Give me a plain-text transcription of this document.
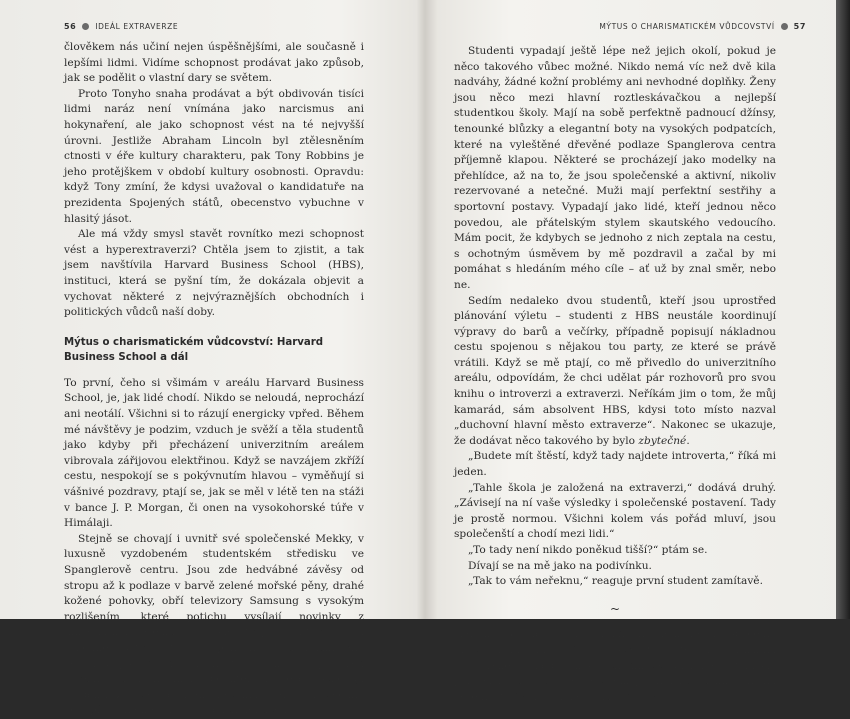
56	IDEÁL EXTRAVERZE

člověkem nás učiní nejen úspěšnějšími, ale současně i lepšími lidmi. Vidíme schopnost prodávat jako způsob, jak se podělit o vlastní dary se světem.

Proto Tonyho snaha prodávat a být obdivován tisíci lidmi naráz není vnímána jako narcismus ani hokynaření, ale jako schopnost vést na té nejvyšší úrovni. Jestliže Abraham Lincoln byl ztělesněním ctnosti v éře kultury charakteru, pak Tony Robbins je jeho protějškem v období kultury osobnosti. Opravdu: když Tony zmíní, že kdysi uvažoval o kandidatuře na prezidenta Spojených států, obecenstvo vybuchne v hlasitý jásot.

Ale má vždy smysl stavět rovnítko mezi schopnost vést a hyperextraverzi? Chtěla jsem to zjistit, a tak jsem navštívila Harvard Business School (HBS), instituci, která se pyšní tím, že dokázala objevit a vychovat některé z nejvýraznějších obchodních i politických vůdců naší doby.

Mýtus o charismatickém vůdcovství: Harvard Business School a dál

To první, čeho si všimám v areálu Harvard Business School, je, jak lidé chodí. Nikdo se neloudá, neprochází ani neotálí. Všichni si to rázují energicky vpřed. Během mé návštěvy je podzim, vzduch je svěží a těla studentů jako kdyby při přecházení univerzitním areálem vibrovala zářijovou elektřinou. Když se navzájem zkříží cestu, nespokojí se s pokývnutím hlavou – vyměňují si vášnivé pozdravy, ptají se, jak se měl v létě ten na stáži v bance J. P. Morgan, či onen na vysokohorské túře v Himálaji.

Stejně se chovají i uvnitř své společenské Mekky, v luxusně vyzdobeném studentském středisku ve Spanglerově centru. Jsou zde hedvábné závěsy od stropu až k podlaze v barvě zelené mořské pěny, drahé kožené pohovky, obří televizory Samsung s vysokým rozlišením, které potichu vysílají novinky z univerzitního areálu, a vysoké stropy, ze kterých visí výkonné lustry. Stoly a pohovky jsou rozmístěné většinou po obvodu místnosti, a tak je uprostřed výrazně nasvícené molo, po kterém svěže pochodují studenti. Zdá se, že si ani nevšímají, jak jsou všechny oči upřeny na ně. Obdivují jejich nenucenost.

MÝTUS O CHARISMATICKÉM VŮDCOVSTVÍ 57

Studenti vypadají ještě lépe než jejich okolí, pokud je něco takového vůbec možné. Nikdo nemá víc než dvě kila nadváhy, žádné kožní problémy ani nevhodné doplňky. Ženy jsou něco mezi hlavní roztleskávačkou a nejlepší studentkou školy. Mají na sobě perfektně padnoucí džínsy, tenounké blůzky a elegantní boty na vysokých podpatcích, které na vyleštěné dřevěné podlaze Spanglerova centra příjemně klapou. Některé se procházejí jako modelky na přehlídce, až na to, že jsou společenské a aktivní, nikoliv rezervované a netečné. Muži mají perfektní sestřihy a sportovní postavy. Vypadají jako lidé, kteří jednou něco povedou, ale přátelským stylem skautského vedoucího. Mám pocit, že kdybych se jednoho z nich zeptala na cestu, s ochotným úsměvem by mě pozdravil a začal by mi pomáhat s hledáním mého cíle – ať už by znal směr, nebo ne.

Sedím nedaleko dvou studentů, kteří jsou uprostřed plánování výletu – studenti z HBS neustále koordinují výpravy do barů a večírky, případně popisují nákladnou cestu spojenou s nějakou tou party, ze které se právě vrátili. Když se mě ptají, co mě přivedlo do univerzitního areálu, odpovídám, že chci udělat pár rozhovorů pro svou knihu o introverzi a extraverzi. Neříkám jim o tom, že můj kamarád, sám absolvent HBS, kdysi toto místo nazval „duchovní hlavní město extraverze“. Nakonec se ukazuje, že dodávat něco takového by bylo zbytečné.

„Budete mít štěstí, když tady najdete introverta,“ říká mi jeden.

„Tahle škola je založená na extraverzi,“ dodává druhý. „Závisejí na ní vaše výsledky i společenské postavení. Tady je prostě normou. Všichni kolem vás pořád mluví, jsou společenští a chodí mezi lidi.“

„To tady není nikdo poněkud tišší?“ ptám se.

Dívají se na mě jako na podivínku.

„Tak to vám neřeknu,“ reaguje první student zamítavě.

~

Harvard Business School rozhodně není nějaké obyčejné místo. Škola byla založena v roce 1908, v té době vyrazil na cesty Dale Carnegie jako obchodní cestující a až o tři roky později začal vyučovat ve svém prvním kurzu mluvení na veřejnosti. Škola vnímá sama sebe jako
